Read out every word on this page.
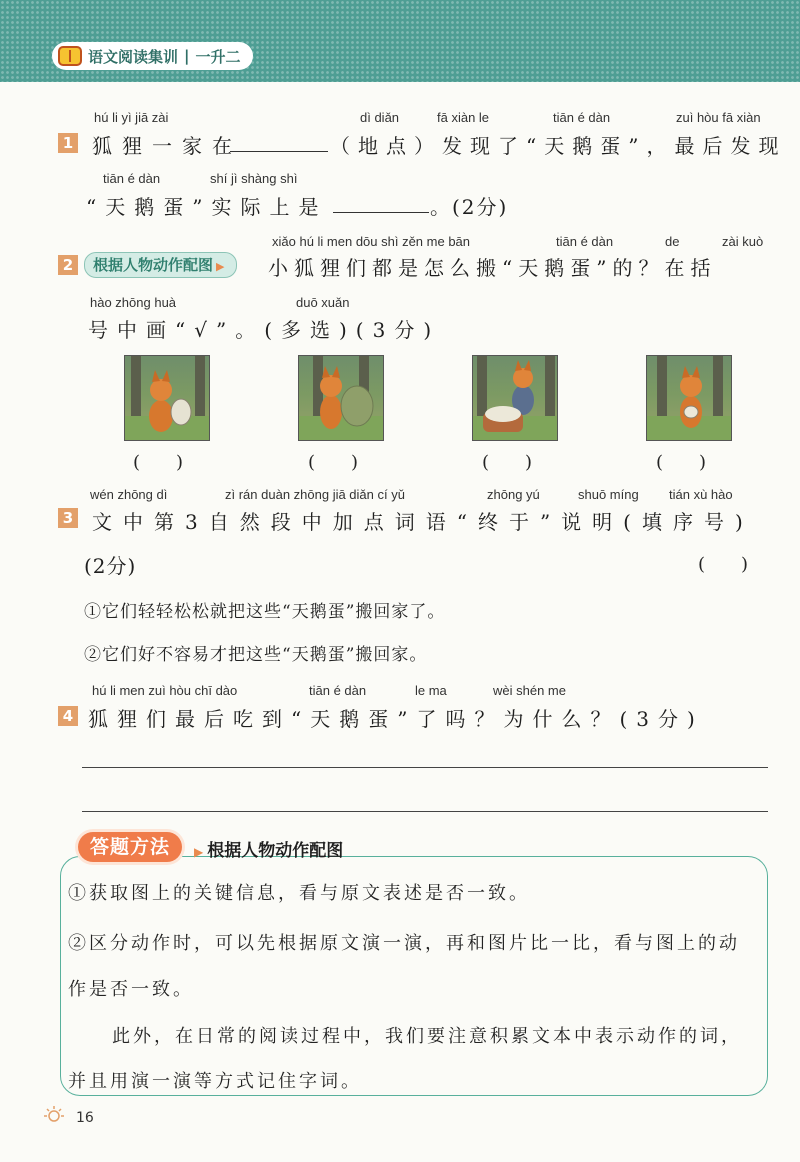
语文阅读集训 | 一升二
1
hú li yì jiā zài	dì diǎn	fā xiàn le	tiān é dàn	zuì hòu fā xiàn
狐狸一家在	（地点）发现了“天鹅蛋”，最后发现
tiān é dàn	shí jì shàng shì
“天鹅蛋”实际上是	。(2分)
2	根据人物动作配图 ▶
xiǎo hú li men dōu shì zěn me bān	tiān é dàn	de	zài kuò
小狐狸们都是怎么搬“天鹅蛋”的？在括
hào zhōng huà	duō xuǎn
号中画“√”。(多选)(3分)
(　　)	(　　)	(　　)	(　　)
3
wén zhōng dì	zì rán duàn zhōng jiā diǎn cí yǔ	zhōng yú	shuō míng tián xù hào
文中第3自然段中加点词语“终于”说明(填序号)
(2分)	(　　)
①它们轻轻松松就把这些“天鹅蛋”搬回家了。
②它们好不容易才把这些“天鹅蛋”搬回家。
4
hú li men zuì hòu chī dào	tiān é dàn	le ma	wèi shén me
狐狸们最后吃到“天鹅蛋”了吗？为什么？(3分)
答题方法	▶ 根据人物动作配图
①获取图上的关键信息，看与原文表述是否一致。
②区分动作时，可以先根据原文演一演，再和图片比一比，看与图上的动
作是否一致。
此外，在日常的阅读过程中，我们要注意积累文本中表示动作的词，
并且用演一演等方式记住字词。
16
